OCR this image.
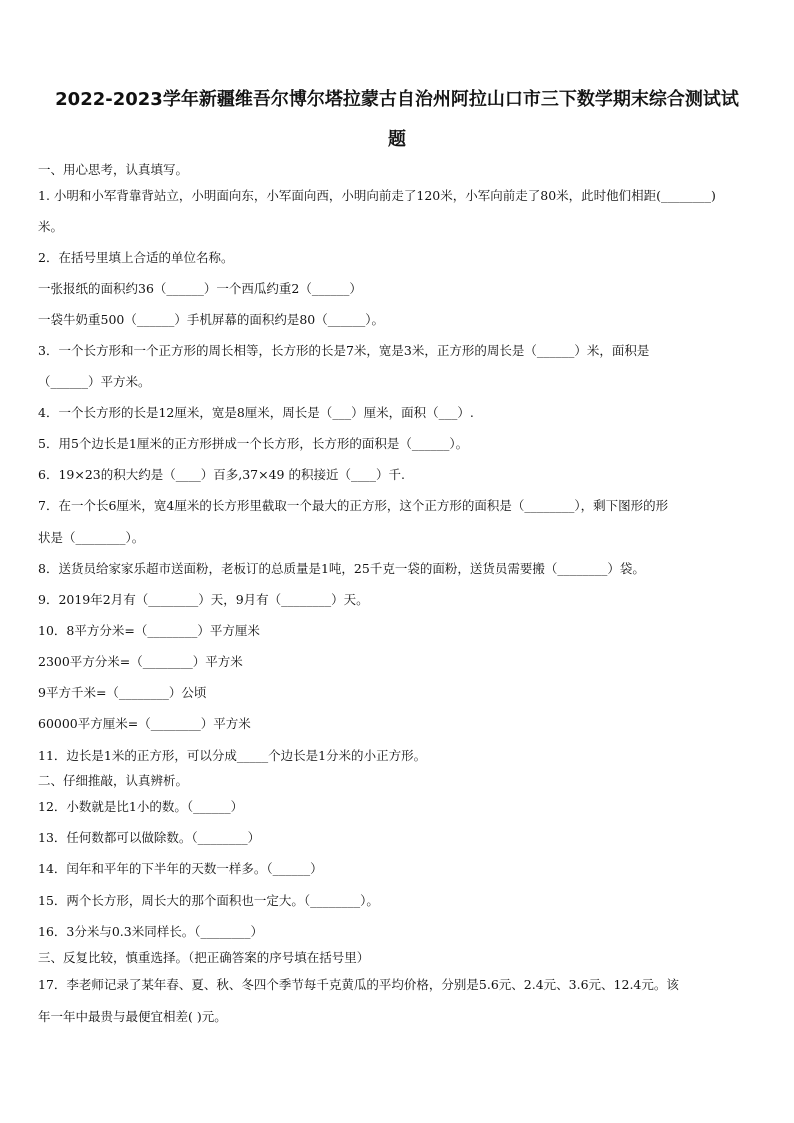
2022-2023学年新疆维吾尔博尔塔拉蒙古自治州阿拉山口市三下数学期末综合测试试
题
一、用心思考，认真填写。
1. 小明和小军背靠背站立，小明面向东，小军面向西，小明向前走了120米，小军向前走了80米，此时他们相距(________)
米。
2．在括号里填上合适的单位名称。
一张报纸的面积约36（______）一个西瓜约重2（______）
一袋牛奶重500（______）手机屏幕的面积约是80（______）。
3．一个长方形和一个正方形的周长相等，长方形的长是7米，宽是3米，正方形的周长是（______）米，面积是
（______）平方米。
4．一个长方形的长是12厘米，宽是8厘米，周长是（___）厘米，面积（___）.
5．用5个边长是1厘米的正方形拼成一个长方形，长方形的面积是（______）。
6．19×23的积大约是（____）百多,37×49 的积接近（____）千.
7．在一个长6厘米，宽4厘米的长方形里截取一个最大的正方形，这个正方形的面积是（________），剩下图形的形
状是（________）。
8．送货员给家家乐超市送面粉，老板订的总质量是1吨，25千克一袋的面粉，送货员需要搬（________）袋。
9．2019年2月有（________）天，9月有（________）天。
10．8平方分米=（________）平方厘米
2300平方分米=（________）平方米
9平方千米=（________）公顷
60000平方厘米=（________）平方米
11．边长是1米的正方形，可以分成_____个边长是1分米的小正方形。
二、仔细推敲，认真辨析。
12．小数就是比1小的数。（______）
13．任何数都可以做除数。（________）
14．闰年和平年的下半年的天数一样多。（______）
15．两个长方形，周长大的那个面积也一定大。（________）。
16．3分米与0.3米同样长。（________）
三、反复比较，慎重选择。（把正确答案的序号填在括号里）
17．李老师记录了某年春、夏、秋、冬四个季节每千克黄瓜的平均价格，分别是5.6元、2.4元、3.6元、12.4元。该
年一年中最贵与最便宜相差( )元。
